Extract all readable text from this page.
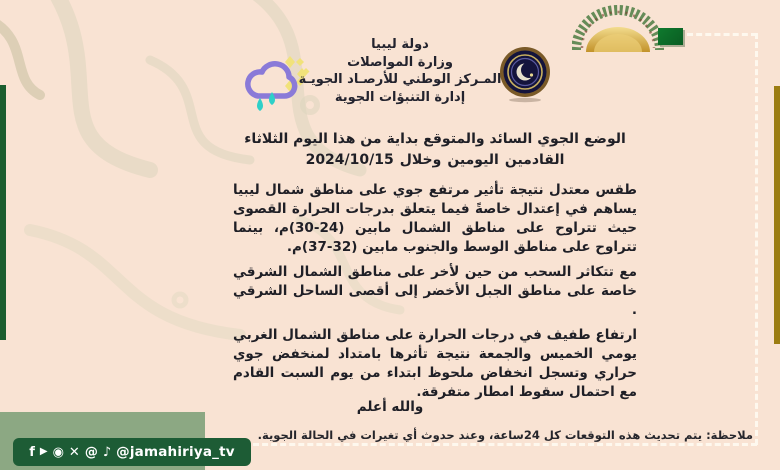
دولة ليبيا
وزارة المواصلات
المـركز الوطني للأرصـاد الجويـة
إدارة التنبؤات الجوية
الوضع الجوي السائد والمتوقع بداية من هذا اليوم الثلاثاء
2024/10/15 وخلال اليومين القادمين

طقس معتدل نتيجة تأثير مرتفع جوي على مناطق شمال ليبيا يساهم في إعتدال خاصةً فيما يتعلق بدرجات الحرارة القصوى حيث تتراوح على مناطق الشمال مابين (24-30)م، بينما تتراوح على مناطق الوسط والجنوب مابين (32-37)م.

مع تتكاثر السحب من حين لأخر على مناطق الشمال الشرقي خاصة على مناطق الجبل الأخضر إلى أقصى الساحل الشرقي .

ارتفاع طفيف في درجات الحرارة على مناطق الشمال الغربي يومي الخميس والجمعة نتيجة تأثرها بامتداد لمنخفض جوي حراري وتسجل انخفاض ملحوظ ابتداء من يوم السبت القادم مع احتمال سقوط امطار متفرقة.

والله أعلم
ملاحظة: يتم تحديث هذه التوقعات كل 24ساعة، وعند حدوث أي تغيرات في الحالة الجوية.
f ▶ ◉ ✕ @ ♪ @jamahiriya_tv
